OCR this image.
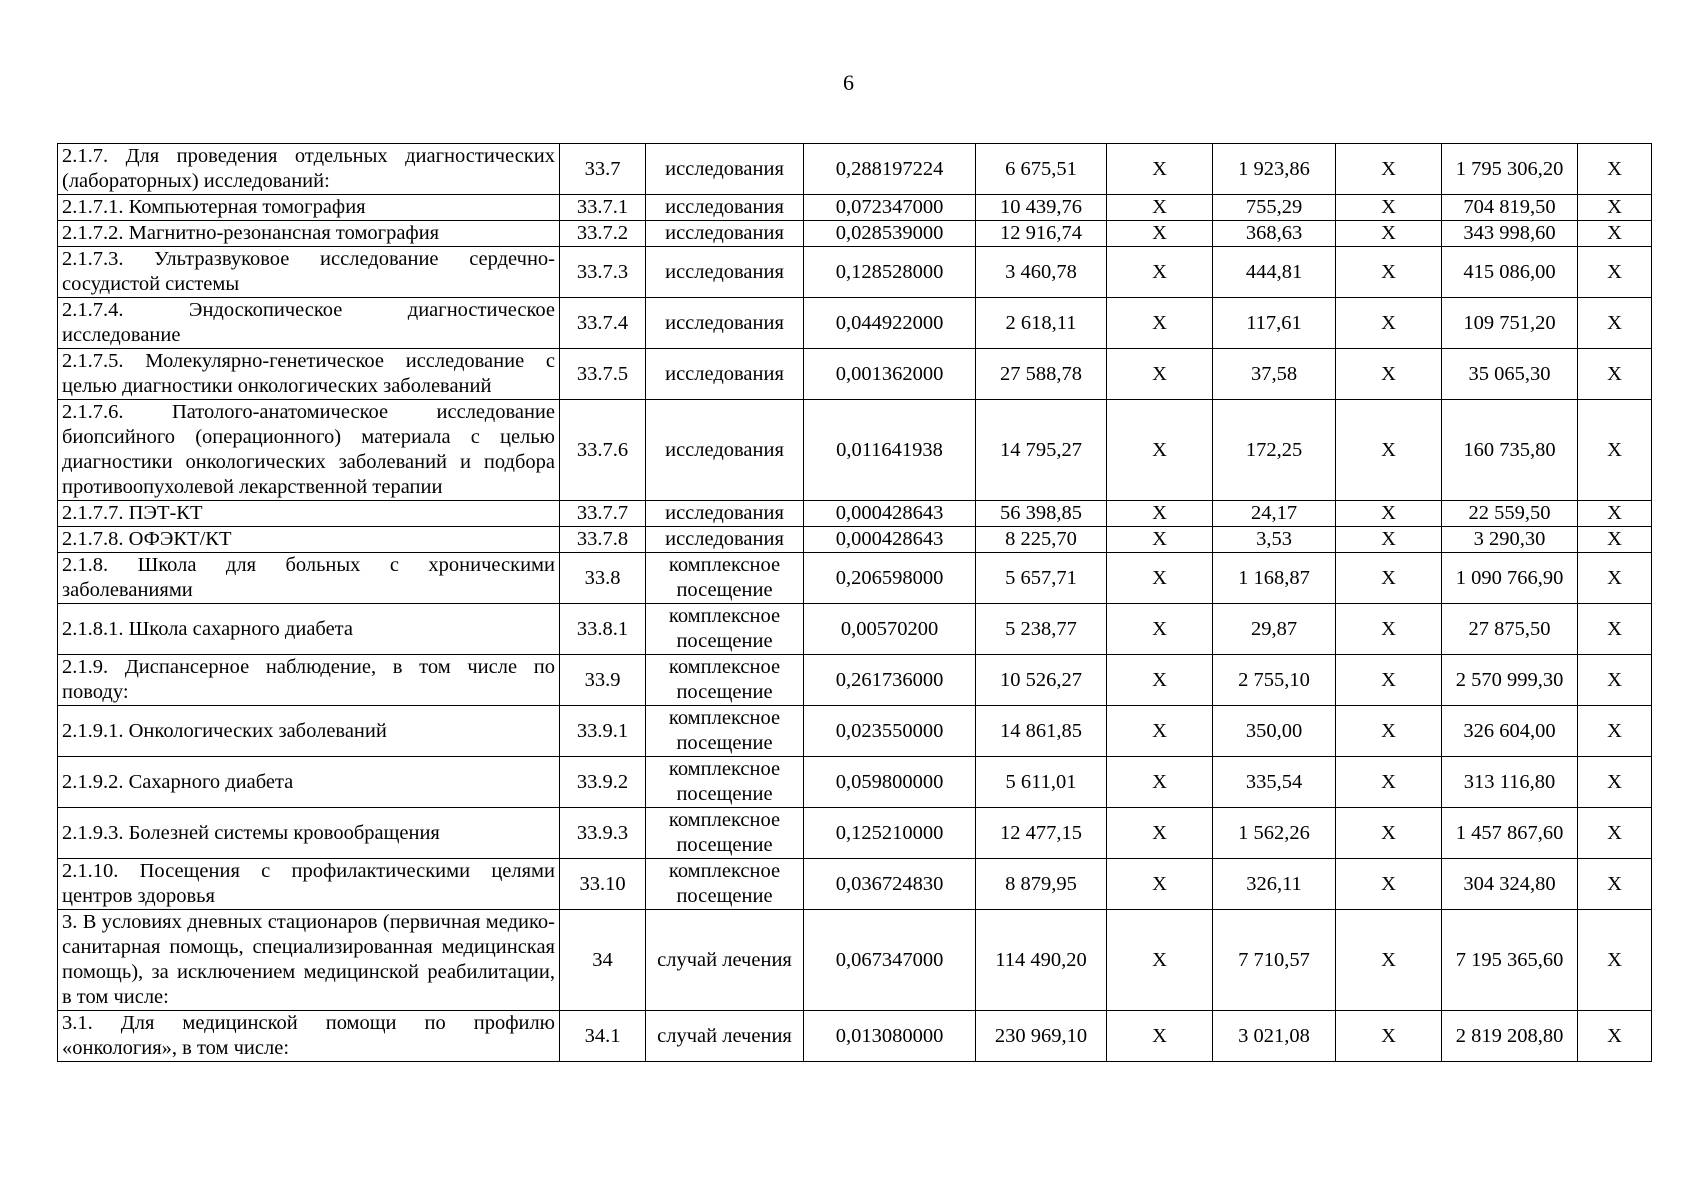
6
2.1.7. Для проведения отдельных диагностических (лабораторных) исследований:	33.7	исследования	0,288197224	6 675,51	Х	1 923,86	Х	1 795 306,20	Х
2.1.7.1. Компьютерная томография	33.7.1	исследования	0,072347000	10 439,76	Х	755,29	Х	704 819,50	Х
2.1.7.2. Магнитно-резонансная томография	33.7.2	исследования	0,028539000	12 916,74	Х	368,63	Х	343 998,60	Х
2.1.7.3. Ультразвуковое исследование сердечно-сосудистой системы	33.7.3	исследования	0,128528000	3 460,78	Х	444,81	Х	415 086,00	Х
2.1.7.4. Эндоскопическое диагностическое исследование	33.7.4	исследования	0,044922000	2 618,11	Х	117,61	Х	109 751,20	Х
2.1.7.5. Молекулярно-генетическое исследование с целью диагностики онкологических заболеваний	33.7.5	исследования	0,001362000	27 588,78	Х	37,58	Х	35 065,30	Х
2.1.7.6. Патолого-анатомическое исследование биопсийного (операционного) материала с целью диагностики онкологических заболеваний и подбора противоопухолевой лекарственной терапии	33.7.6	исследования	0,011641938	14 795,27	Х	172,25	Х	160 735,80	Х
2.1.7.7. ПЭТ-КТ	33.7.7	исследования	0,000428643	56 398,85	Х	24,17	Х	22 559,50	Х
2.1.7.8. ОФЭКТ/КТ	33.7.8	исследования	0,000428643	8 225,70	Х	3,53	Х	3 290,30	Х
2.1.8. Школа для больных с хроническими заболеваниями	33.8	комплексное посещение	0,206598000	5 657,71	Х	1 168,87	Х	1 090 766,90	Х
2.1.8.1. Школа сахарного диабета	33.8.1	комплексное посещение	0,00570200	5 238,77	Х	29,87	Х	27 875,50	Х
2.1.9. Диспансерное наблюдение, в том числе по поводу:	33.9	комплексное посещение	0,261736000	10 526,27	Х	2 755,10	Х	2 570 999,30	Х
2.1.9.1. Онкологических заболеваний	33.9.1	комплексное посещение	0,023550000	14 861,85	Х	350,00	Х	326 604,00	Х
2.1.9.2. Сахарного диабета	33.9.2	комплексное посещение	0,059800000	5 611,01	Х	335,54	Х	313 116,80	Х
2.1.9.3. Болезней системы кровообращения	33.9.3	комплексное посещение	0,125210000	12 477,15	Х	1 562,26	Х	1 457 867,60	Х
2.1.10. Посещения с профилактическими целями центров здоровья	33.10	комплексное посещение	0,036724830	8 879,95	Х	326,11	Х	304 324,80	Х
3. В условиях дневных стационаров (первичная медико-санитарная помощь, специализированная медицинская помощь), за исключением медицинской реабилитации, в том числе:	34	случай лечения	0,067347000	114 490,20	Х	7 710,57	Х	7 195 365,60	Х
3.1. Для медицинской помощи по профилю «онкология», в том числе:	34.1	случай лечения	0,013080000	230 969,10	Х	3 021,08	Х	2 819 208,80	Х
